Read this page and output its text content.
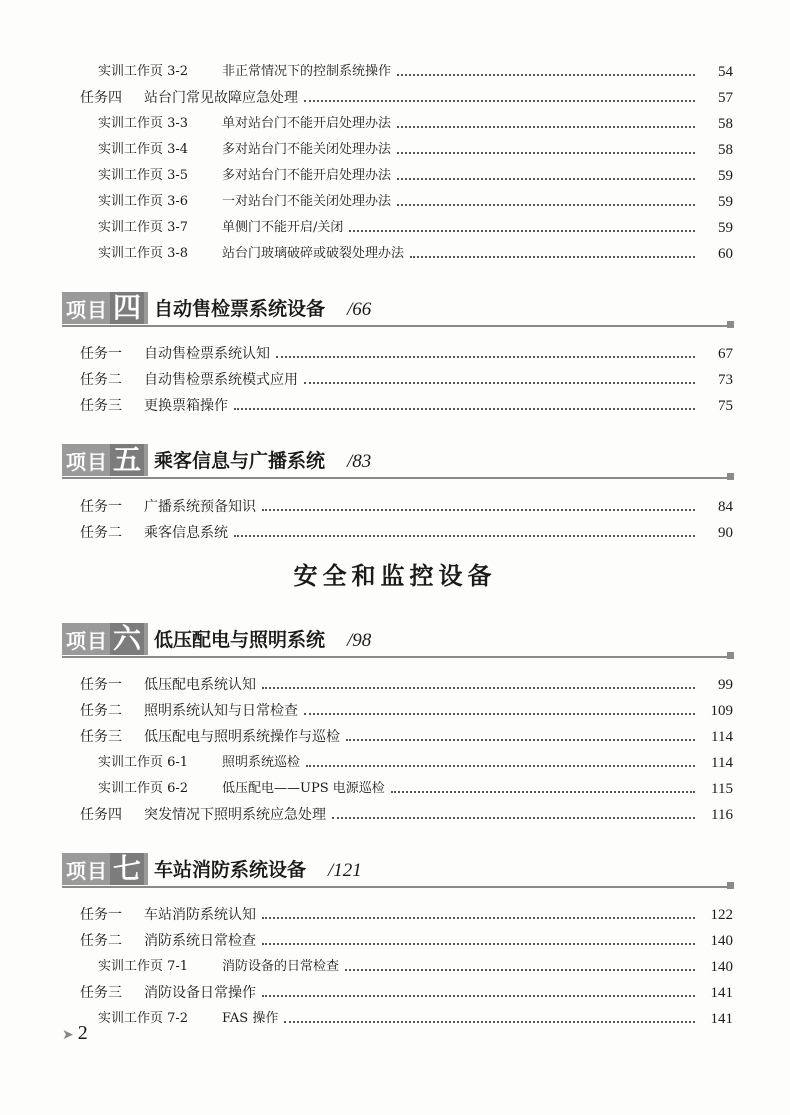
实训工作页 3-2	非正常情况下的控制系统操作	54
任务四 站台门常见故障应急处理	57
实训工作页 3-3	单对站台门不能开启处理办法	58
实训工作页 3-4	多对站台门不能关闭处理办法	58
实训工作页 3-5	多对站台门不能开启处理办法	59
实训工作页 3-6	一对站台门不能关闭处理办法	59
实训工作页 3-7	单侧门不能开启/关闭	59
实训工作页 3-8	站台门玻璃破碎或破裂处理办法	60
项目 四 自动售检票系统设备 /66
任务一 自动售检票系统认知	67
任务二 自动售检票系统模式应用	73
任务三 更换票箱操作	75
项目 五 乘客信息与广播系统 /83
任务一 广播系统预备知识	84
任务二 乘客信息系统	90
安全和监控设备
项目 六 低压配电与照明系统 /98
任务一 低压配电系统认知	99
任务二 照明系统认知与日常检查	109
任务三 低压配电与照明系统操作与巡检	114
实训工作页 6-1	照明系统巡检	114
实训工作页 6-2	低压配电——UPS 电源巡检	115
任务四 突发情况下照明系统应急处理	116
项目 七 车站消防系统设备 /121
任务一 车站消防系统认知	122
任务二 消防系统日常检查	140
实训工作页 7-1	消防设备的日常检查	140
任务三 消防设备日常操作	141
实训工作页 7-2	FAS 操作	141
➤ 2
